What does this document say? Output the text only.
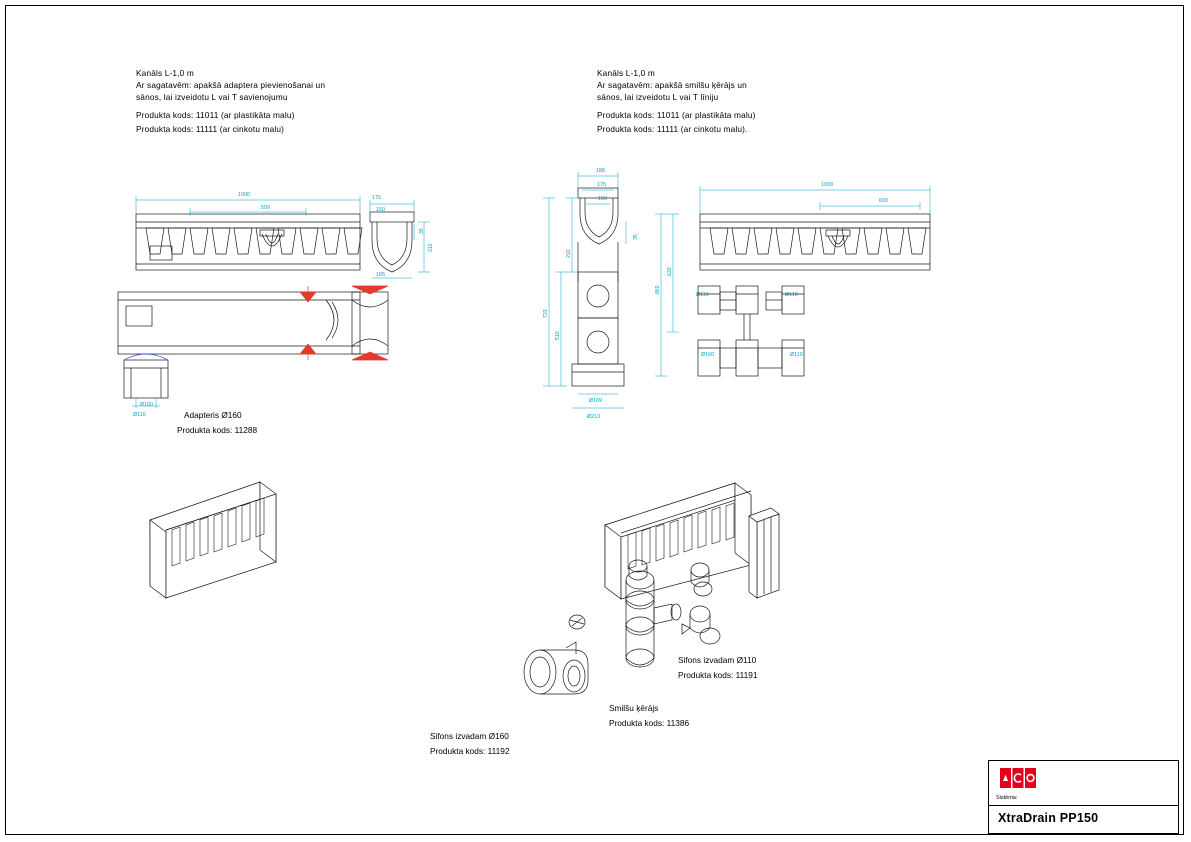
Kanāls L-1,0 m
Ar sagatavēm: apakšā adaptera pievienošanai un
sānos, lai izveidotu L vai T savienojumu
Produkta kods: 11011 (ar plastikāta malu)
Produkta kods: 11111 (ar cinkotu malu)
Kanāls L-1,0 m
Ar sagatavēm: apakšā smilšu ķērājs un
sānos, lai izveidotu L vai T līniju
Produkta kods: 11011 (ar plastikāta malu)
Produkta kods: 11111 (ar cinkotu malu).
Adapteris Ø160
Produkta kods: 11288
Sifons izvadam Ø110
Produkta kods: 11191
Smilšu ķērājs
Produkta kods: 11386
Sifons izvadam Ø160
Produkta kods: 11192
1000
500
175
150
210
35
185
Ø160
Ø110
188
175
150
210
510
723
35
Ø169
Ø213
1000
600
620
860
Ø110	Ø110
Ø160	Ø110
Sistēma:
XtraDrain PP150
